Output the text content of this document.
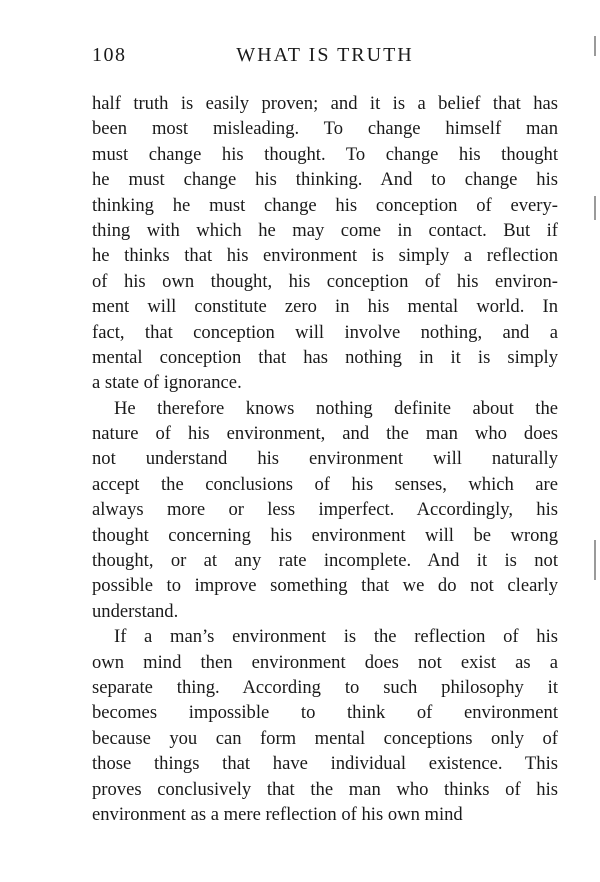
108	WHAT IS TRUTH
half truth is easily proven; and it is a belief that has
been most misleading. To change himself man
must change his thought. To change his thought
he must change his thinking. And to change his
thinking he must change his conception of every-
thing with which he may come in contact. But if
he thinks that his environment is simply a reflection
of his own thought, his conception of his environ-
ment will constitute zero in his mental world. In
fact, that conception will involve nothing, and a
mental conception that has nothing in it is simply
a state of ignorance.
He therefore knows nothing definite about the
nature of his environment, and the man who does
not understand his environment will naturally
accept the conclusions of his senses, which are
always more or less imperfect. Accordingly, his
thought concerning his environment will be wrong
thought, or at any rate incomplete. And it is not
possible to improve something that we do not clearly
understand.
If a man’s environment is the reflection of his
own mind then environment does not exist as a
separate thing. According to such philosophy it
becomes impossible to think of environment
because you can form mental conceptions only of
those things that have individual existence. This
proves conclusively that the man who thinks of his
environment as a mere reflection of his own mind
